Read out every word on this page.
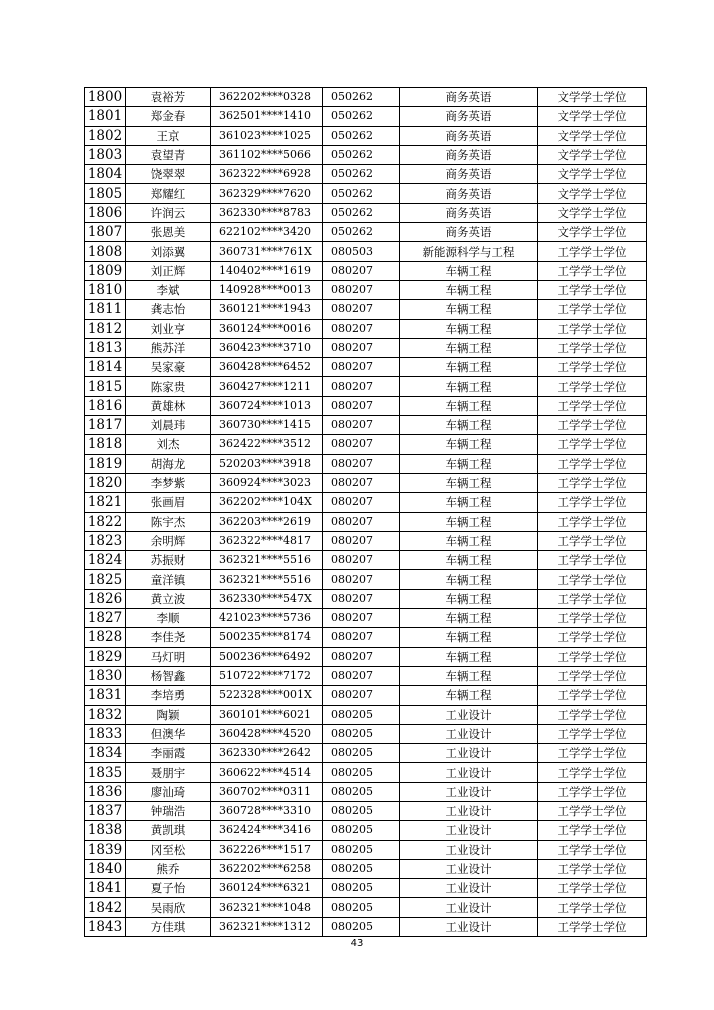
1800	袁裕芳	362202****0328	050262	商务英语	文学学士学位
1801	郑金春	362501****1410	050262	商务英语	文学学士学位
1802	王京	361023****1025	050262	商务英语	文学学士学位
1803	袁望青	361102****5066	050262	商务英语	文学学士学位
1804	饶翠翠	362322****6928	050262	商务英语	文学学士学位
1805	郑耀红	362329****7620	050262	商务英语	文学学士学位
1806	许润云	362330****8783	050262	商务英语	文学学士学位
1807	张恩美	622102****3420	050262	商务英语	文学学士学位
1808	刘添翼	360731****761X	080503	新能源科学与工程	工学学士学位
1809	刘正辉	140402****1619	080207	车辆工程	工学学士学位
1810	李斌	140928****0013	080207	车辆工程	工学学士学位
1811	龚志怡	360121****1943	080207	车辆工程	工学学士学位
1812	刘业亨	360124****0016	080207	车辆工程	工学学士学位
1813	熊苏洋	360423****3710	080207	车辆工程	工学学士学位
1814	吴家豪	360428****6452	080207	车辆工程	工学学士学位
1815	陈家贵	360427****1211	080207	车辆工程	工学学士学位
1816	黄雄林	360724****1013	080207	车辆工程	工学学士学位
1817	刘晨玮	360730****1415	080207	车辆工程	工学学士学位
1818	刘杰	362422****3512	080207	车辆工程	工学学士学位
1819	胡海龙	520203****3918	080207	车辆工程	工学学士学位
1820	李梦紫	360924****3023	080207	车辆工程	工学学士学位
1821	张画眉	362202****104X	080207	车辆工程	工学学士学位
1822	陈宇杰	362203****2619	080207	车辆工程	工学学士学位
1823	余明辉	362322****4817	080207	车辆工程	工学学士学位
1824	苏振财	362321****5516	080207	车辆工程	工学学士学位
1825	童洋镇	362321****5516	080207	车辆工程	工学学士学位
1826	黄立波	362330****547X	080207	车辆工程	工学学士学位
1827	李顺	421023****5736	080207	车辆工程	工学学士学位
1828	李佳尧	500235****8174	080207	车辆工程	工学学士学位
1829	马灯明	500236****6492	080207	车辆工程	工学学士学位
1830	杨智鑫	510722****7172	080207	车辆工程	工学学士学位
1831	李培勇	522328****001X	080207	车辆工程	工学学士学位
1832	陶颖	360101****6021	080205	工业设计	工学学士学位
1833	但澳华	360428****4520	080205	工业设计	工学学士学位
1834	李丽霞	362330****2642	080205	工业设计	工学学士学位
1835	聂朋宇	360622****4514	080205	工业设计	工学学士学位
1836	廖汕琦	360702****0311	080205	工业设计	工学学士学位
1837	钟瑞浩	360728****3310	080205	工业设计	工学学士学位
1838	黄凯琪	362424****3416	080205	工业设计	工学学士学位
1839	冈至松	362226****1517	080205	工业设计	工学学士学位
1840	熊乔	362202****6258	080205	工业设计	工学学士学位
1841	夏子怡	360124****6321	080205	工业设计	工学学士学位
1842	吴雨欣	362321****1048	080205	工业设计	工学学士学位
1843	方佳琪	362321****1312	080205	工业设计	工学学士学位
43
